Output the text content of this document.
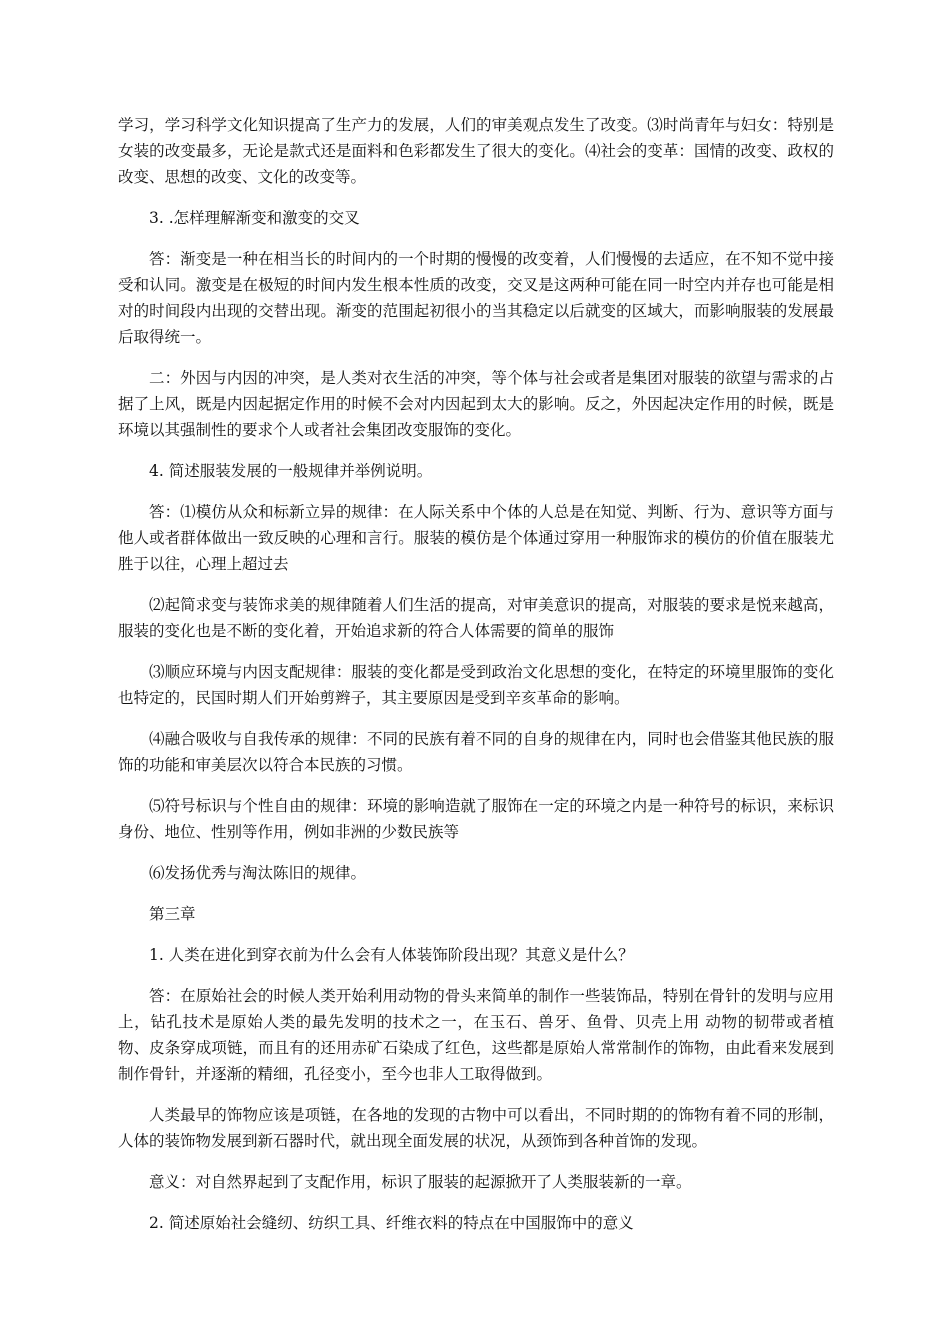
学习，学习科学文化知识提高了生产力的发展，人们的审美观点发生了改变。⑶时尚青年与妇女：特别是女装的改变最多，无论是款式还是面料和色彩都发生了很大的变化。⑷社会的变革：国情的改变、政权的改变、思想的改变、文化的改变等。

3. .怎样理解渐变和激变的交叉

答：渐变是一种在相当长的时间内的一个时期的慢慢的改变着，人们慢慢的去适应，在不知不觉中接受和认同。激变是在极短的时间内发生根本性质的改变，交叉是这两种可能在同一时空内并存也可能是相对的时间段内出现的交替出现。渐变的范围起初很小的当其稳定以后就变的区域大，而影响服装的发展最后取得统一。

二：外因与内因的冲突，是人类对衣生活的冲突，等个体与社会或者是集团对服装的欲望与需求的占据了上风，既是内因起据定作用的时候不会对内因起到太大的影响。反之，外因起决定作用的时候，既是环境以其强制性的要求个人或者社会集团改变服饰的变化。

4. 简述服装发展的一般规律并举例说明。

答：⑴模仿从众和标新立异的规律：在人际关系中个体的人总是在知觉、判断、行为、意识等方面与他人或者群体做出一致反映的心理和言行。服装的模仿是个体通过穿用一种服饰求的模仿的价值在服装尤胜于以往，心理上超过去

⑵起简求变与装饰求美的规律随着人们生活的提高，对审美意识的提高，对服装的要求是悦来越高，服装的变化也是不断的变化着，开始追求新的符合人体需要的简单的服饰

⑶顺应环境与内因支配规律：服装的变化都是受到政治文化思想的变化，在特定的环境里服饰的变化也特定的，民国时期人们开始剪辫子，其主要原因是受到辛亥革命的影响。

⑷融合吸收与自我传承的规律：不同的民族有着不同的自身的规律在内，同时也会借鉴其他民族的服饰的功能和审美层次以符合本民族的习惯。

⑸符号标识与个性自由的规律：环境的影响造就了服饰在一定的环境之内是一种符号的标识，来标识身份、地位、性别等作用，例如非洲的少数民族等

⑹发扬优秀与淘汰陈旧的规律。

第三章

1. 人类在进化到穿衣前为什么会有人体装饰阶段出现？其意义是什么？

答：在原始社会的时候人类开始利用动物的骨头来简单的制作一些装饰品，特别在骨针的发明与应用上，钻孔技术是原始人类的最先发明的技术之一，在玉石、兽牙、鱼骨、贝壳上用 动物的韧带或者植物、皮条穿成项链，而且有的还用赤矿石染成了红色，这些都是原始人常常制作的饰物，由此看来发展到制作骨针，并逐渐的精细，孔径变小，至今也非人工取得做到。

人类最早的饰物应该是项链，在各地的发现的古物中可以看出，不同时期的的饰物有着不同的形制，人体的装饰物发展到新石器时代，就出现全面发展的状况，从颈饰到各种首饰的发现。

意义：对自然界起到了支配作用，标识了服装的起源掀开了人类服装新的一章。

2. 简述原始社会缝纫、纺织工具、纤维衣料的特点在中国服饰中的意义
